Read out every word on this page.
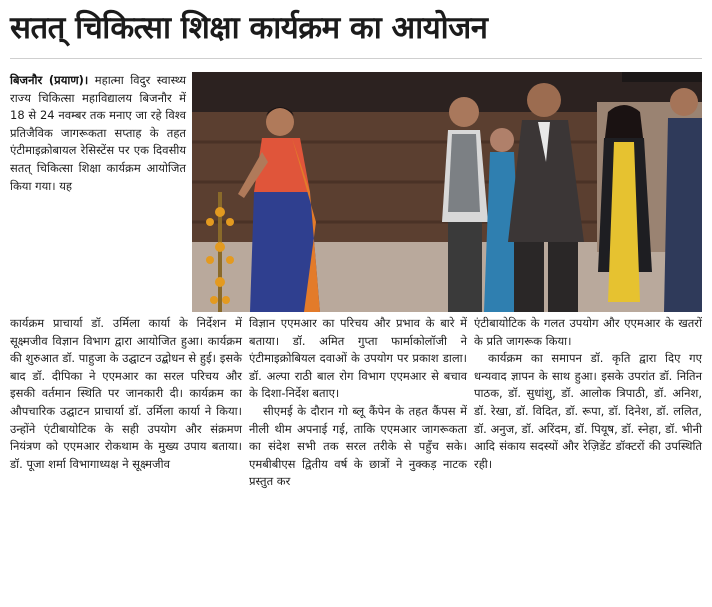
सतत् चिकित्सा शिक्षा कार्यक्रम का आयोजन

बिजनौर (प्रयाण)। महात्मा विदुर स्वास्थ्य राज्य चिकित्सा महाविद्यालय बिजनौर में 18 से 24 नवम्बर तक मनाए जा रहे विश्व प्रतिजैविक जागरूकता सप्ताह के तहत एंटीमाइक्रोबायल रेसिस्टेंस पर एक दिवसीय सतत् चिकित्सा शिक्षा कार्यक्रम आयोजित किया गया। यह

कार्यक्रम प्राचार्या डॉ. उर्मिला कार्या के निर्देशन में सूक्ष्मजीव विज्ञान विभाग द्वारा आयोजित हुआ। कार्यक्रम की शुरुआत डॉ. पाहुजा के उद्घाटन उद्बोधन से हुई। इसके बाद डॉ. दीपिका ने एएमआर का सरल परिचय और इसकी वर्तमान स्थिति पर जानकारी दी। कार्यक्रम का औपचारिक उद्घाटन प्राचार्या डॉ. उर्मिला कार्या ने किया। उन्होंने एंटीबायोटिक के सही उपयोग और संक्रमण नियंत्रण को एएमआर रोकथाम के मुख्य उपाय बताया। डॉ. पूजा शर्मा विभागाध्यक्ष ने सूक्ष्मजीव

विज्ञान एएमआर का परिचय और प्रभाव के बारे में बताया। डॉ. अमित गुप्ता फार्माकोलॉजी ने एंटीमाइक्रोबियल दवाओं के उपयोग पर प्रकाश डाला। डॉ. अल्पा राठी बाल रोग विभाग एएमआर से बचाव के दिशा-निर्देश बताए।

सीएमई के दौरान गो ब्लू कैंपेन के तहत कैंपस में नीली थीम अपनाई गई, ताकि एएमआर जागरूकता का संदेश सभी तक सरल तरीके से पहुँच सके। एमबीबीएस द्वितीय वर्ष के छात्रों ने नुक्कड़ नाटक प्रस्तुत कर

एंटीबायोटिक के गलत उपयोग और एएमआर के खतरों के प्रति जागरूक किया।

कार्यक्रम का समापन डॉ. कृति द्वारा दिए गए धन्यवाद ज्ञापन के साथ हुआ। इसके उपरांत डॉ. नितिन पाठक, डॉ. सुधांशु, डॉ. आलोक त्रिपाठी, डॉ. अनिश, डॉ. रेखा, डॉ. विदित, डॉ. रूपा, डॉ. दिनेश, डॉ. ललित, डॉ. अनुज, डॉ. अरिंदम, डॉ. पियूष, डॉ. स्नेहा, डॉ. भीनी आदि संकाय सदस्यों और रेज़िडेंट डॉक्टरों की उपस्थिति रही।
